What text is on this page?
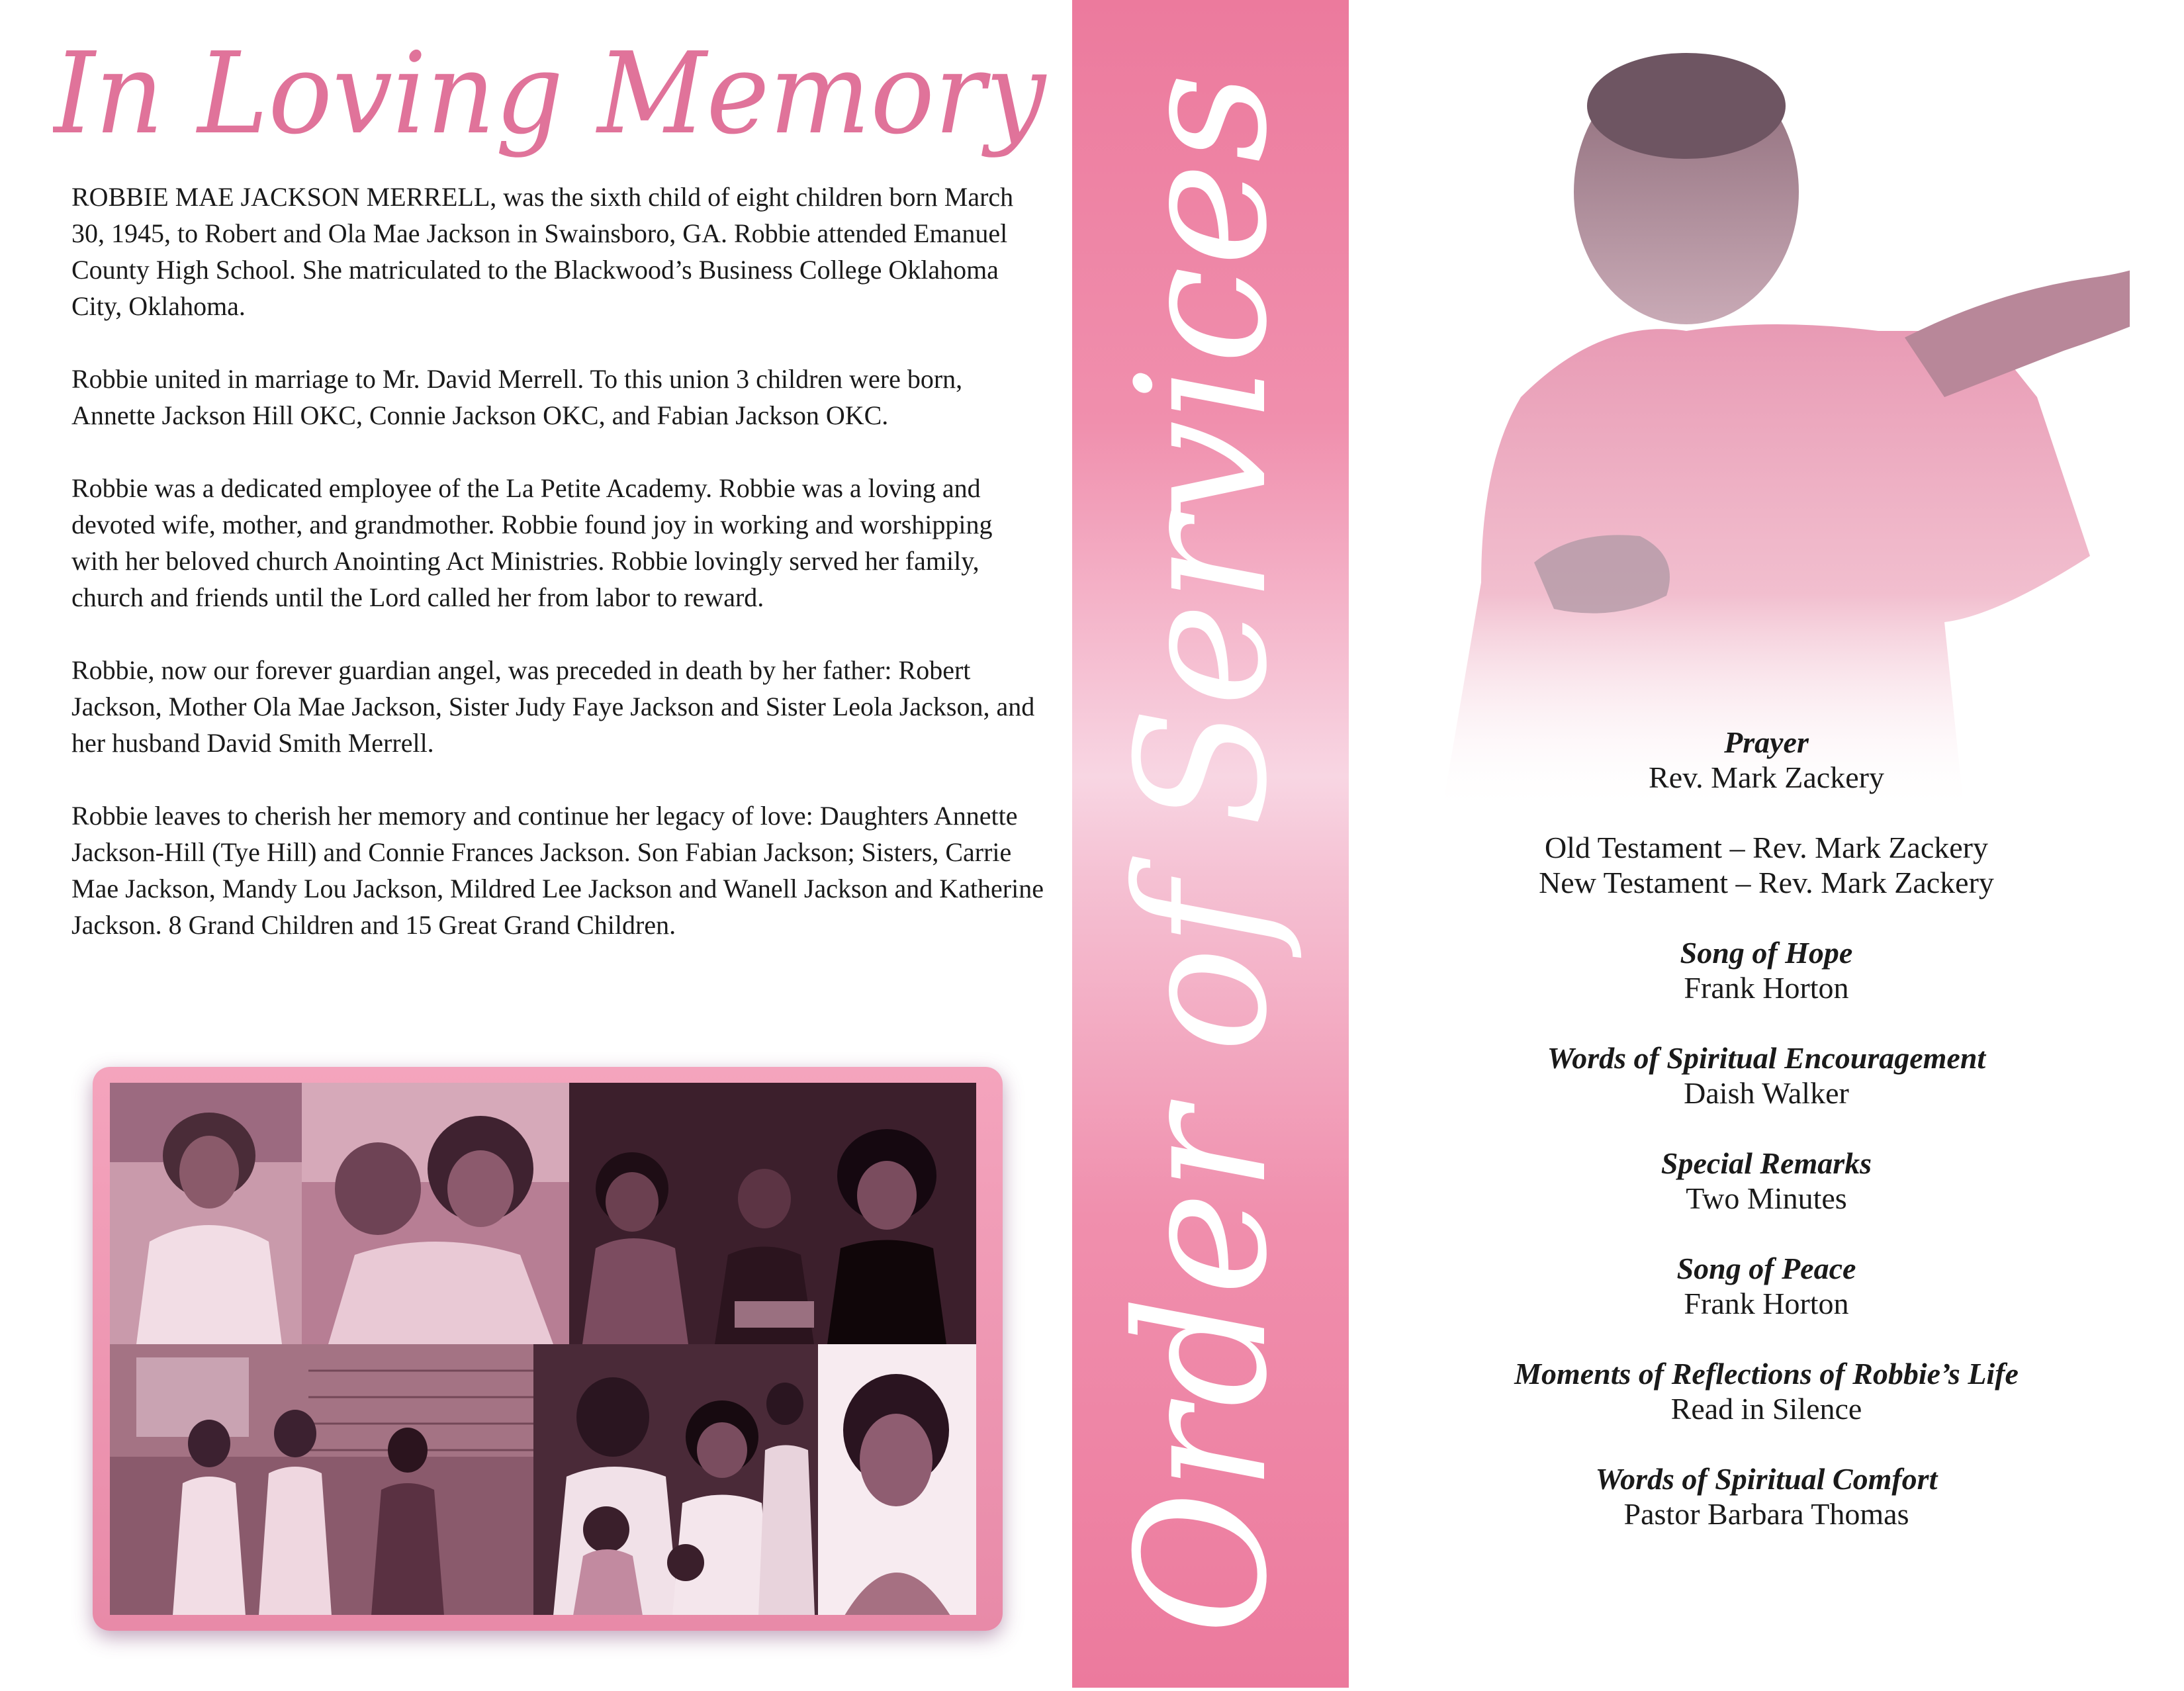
In Loving Memory

ROBBIE MAE JACKSON MERRELL, was the sixth child of eight children born March 30, 1945, to Robert and Ola Mae Jackson in Swainsboro, GA. Robbie attended Emanuel County High School. She matriculated to the Blackwood’s Business College Oklahoma City, Oklahoma.

Robbie united in marriage to Mr. David Merrell. To this union 3 children were born, Annette Jackson Hill OKC, Connie Jackson OKC, and Fabian Jackson OKC.

Robbie was a dedicated employee of the La Petite Academy. Robbie was a loving and devoted wife, mother, and grandmother. Robbie found joy in working and worshipping with her beloved church Anointing Act Ministries. Robbie lovingly served her family, church and friends until the Lord called her from labor to reward.

Robbie, now our forever guardian angel, was preceded in death by her father: Robert Jackson, Mother Ola Mae Jackson, Sister Judy Faye Jackson and Sister Leola Jackson, and her husband David Smith Merrell.

Robbie leaves to cherish her memory and continue her legacy of love: Daughters Annette Jackson-Hill (Tye Hill) and Connie Frances Jackson. Son Fabian Jackson; Sisters, Carrie Mae Jackson, Mandy Lou Jackson, Mildred Lee Jackson and Wanell Jackson and Katherine Jackson. 8 Grand Children and 15 Great Grand Children.	Order of Services	Prayer
Rev. Mark Zackery
Old Testament – Rev. Mark Zackery
New Testament – Rev. Mark Zackery
Song of Hope
Frank Horton
Words of Spiritual Encouragement
Daish Walker
Special Remarks
Two Minutes
Song of Peace
Frank Horton
Moments of Reflections of Robbie’s Life
Read in Silence
Words of Spiritual Comfort
Pastor Barbara Thomas
